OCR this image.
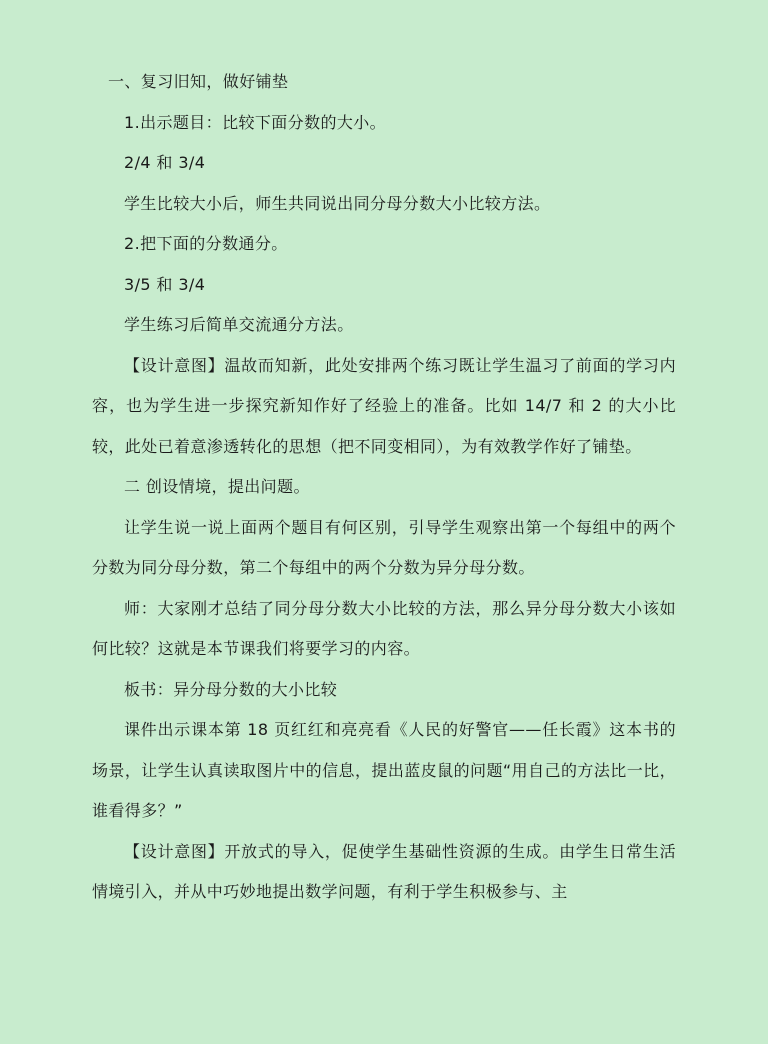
一、复习旧知，做好铺垫

1.出示题目：比较下面分数的大小。

2/4 和 3/4

学生比较大小后，师生共同说出同分母分数大小比较方法。

2.把下面的分数通分。

3/5 和 3/4

学生练习后简单交流通分方法。

【设计意图】温故而知新，此处安排两个练习既让学生温习了前面的学习内容，也为学生进一步探究新知作好了经验上的准备。比如 14/7 和 2 的大小比较，此处已着意渗透转化的思想（把不同变相同），为有效教学作好了铺垫。

二 创设情境，提出问题。

让学生说一说上面两个题目有何区别，引导学生观察出第一个每组中的两个分数为同分母分数，第二个每组中的两个分数为异分母分数。

师：大家刚才总结了同分母分数大小比较的方法，那么异分母分数大小该如何比较？这就是本节课我们将要学习的内容。

板书：异分母分数的大小比较

课件出示课本第 18 页红红和亮亮看《人民的好警官——任长霞》这本书的场景，让学生认真读取图片中的信息，提出蓝皮鼠的问题“用自己的方法比一比，谁看得多？”

【设计意图】开放式的导入，促使学生基础性资源的生成。由学生日常生活情境引入，并从中巧妙地提出数学问题，有利于学生积极参与、主
